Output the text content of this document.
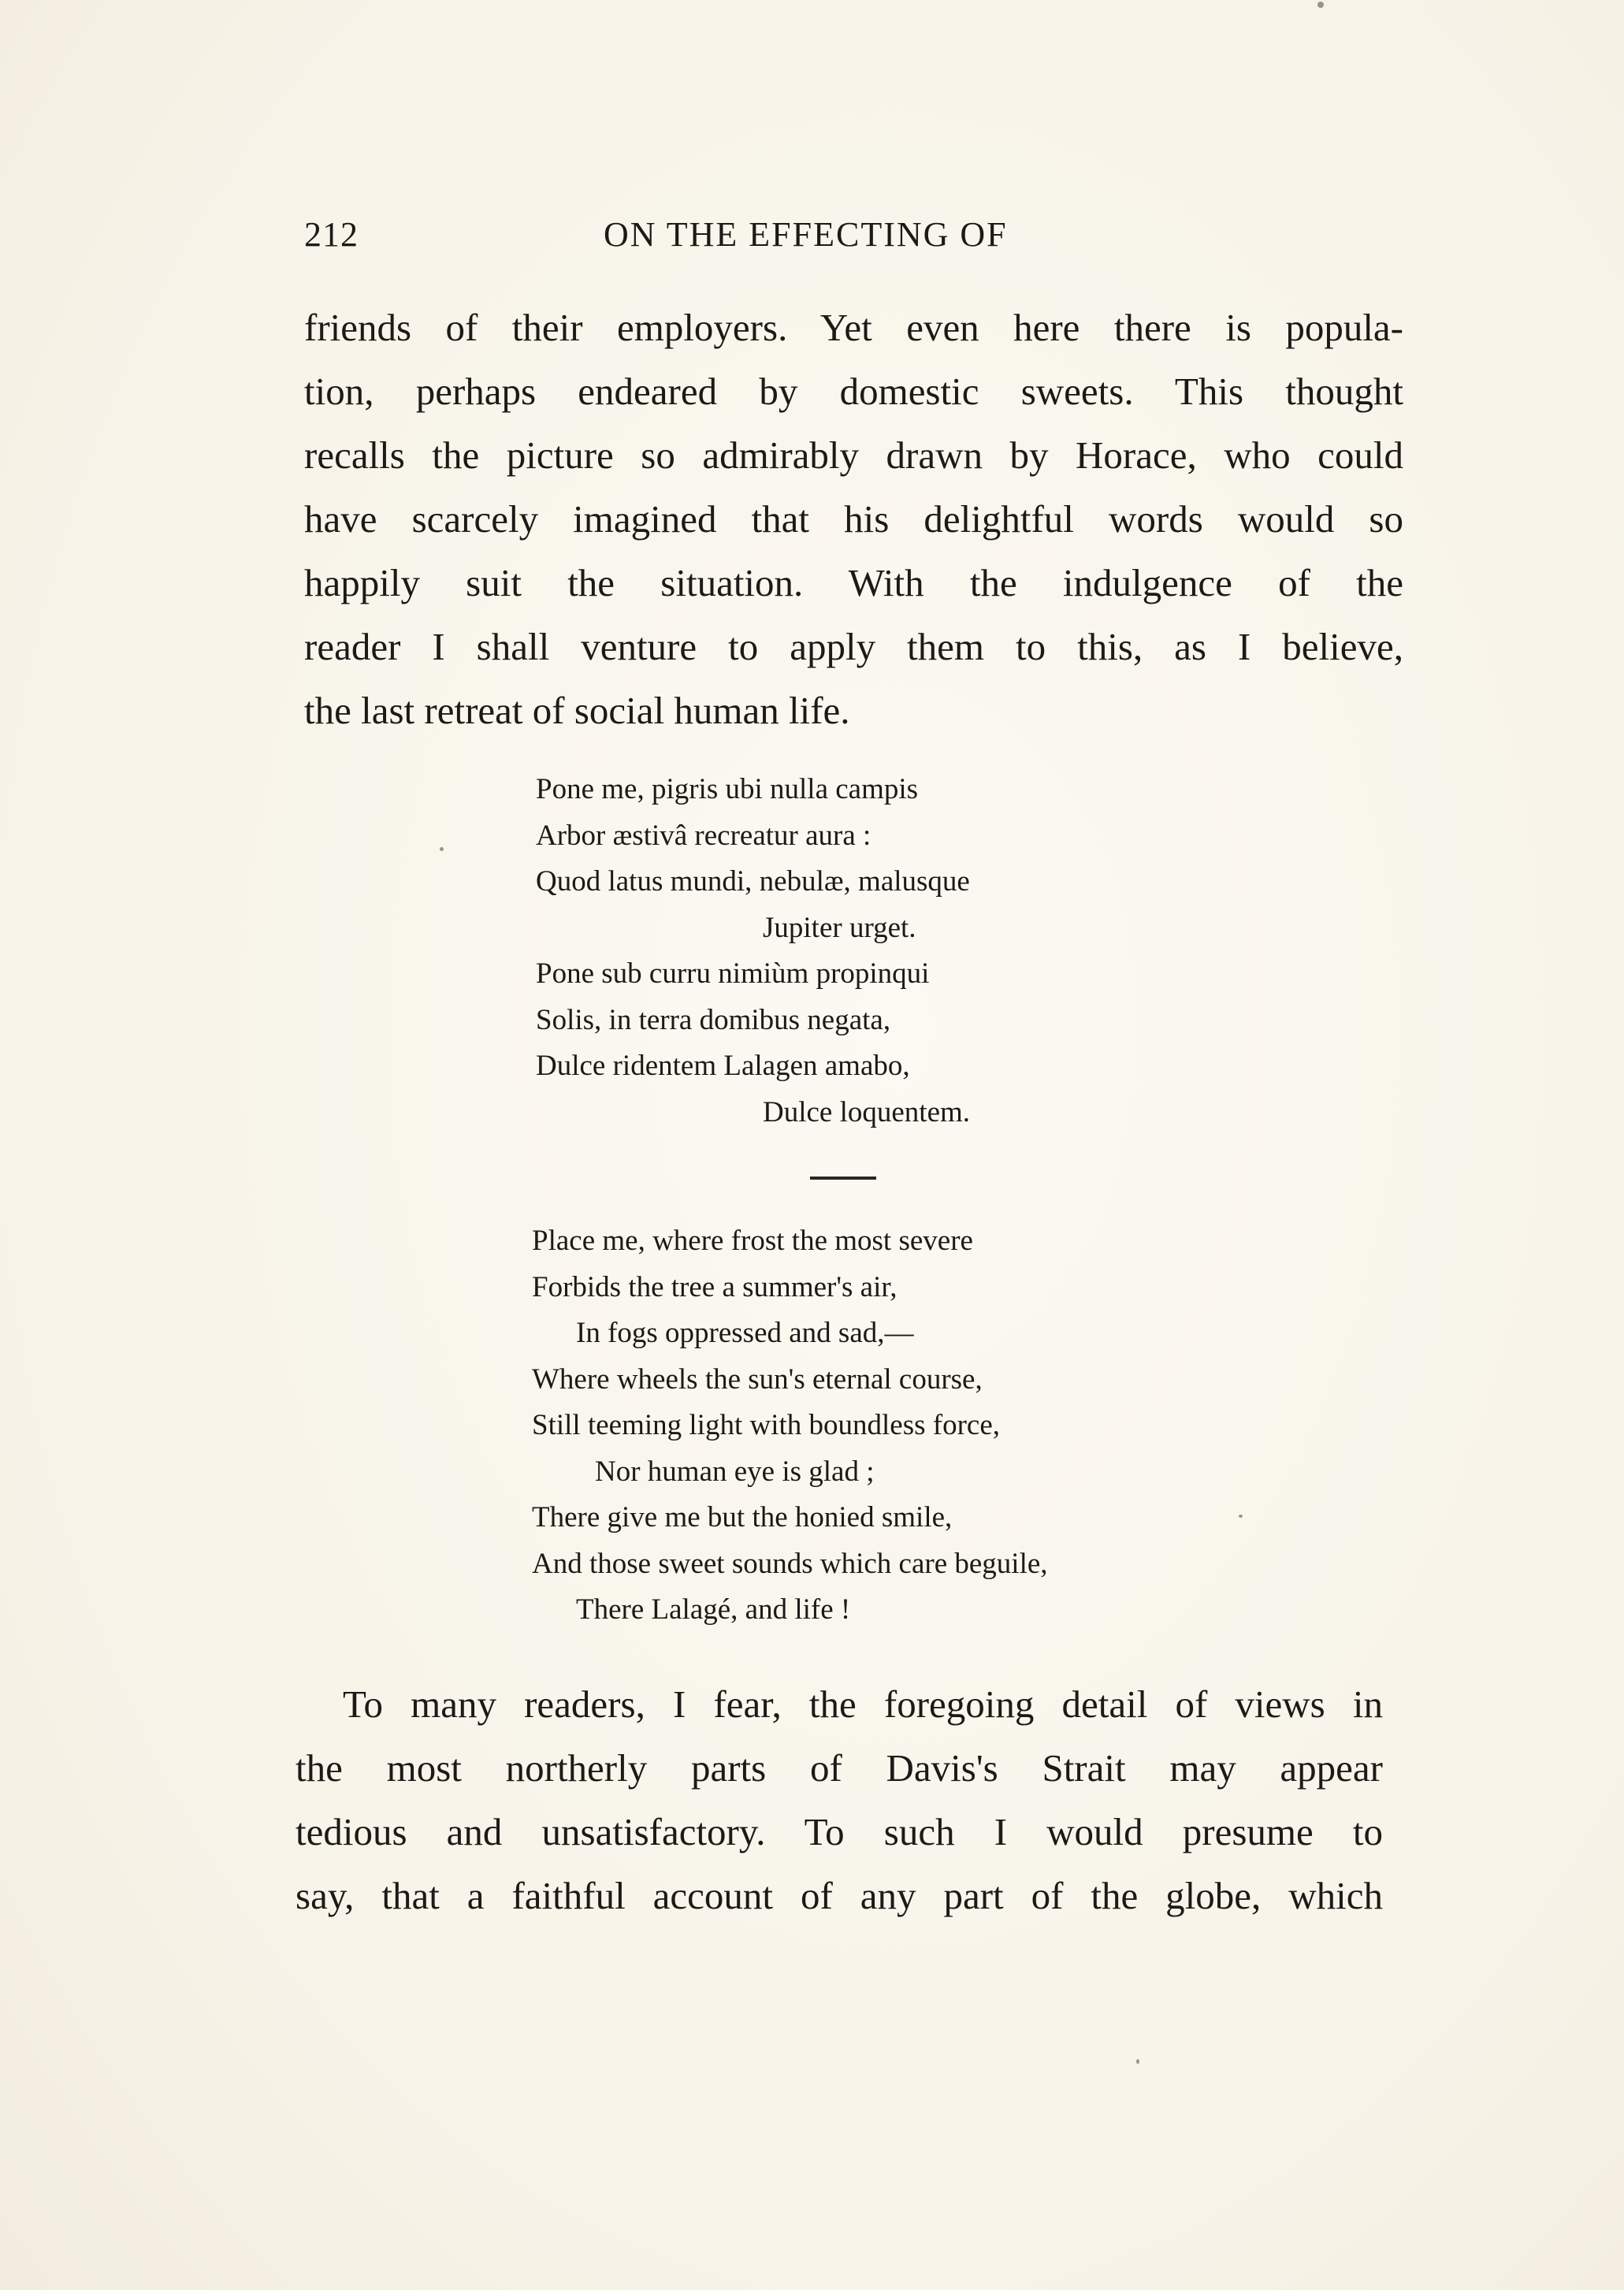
212	ON THE EFFECTING OF
friends of their employers. Yet even here there is popula-
tion, perhaps endeared by domestic sweets. This thought
recalls the picture so admirably drawn by Horace, who could
have scarcely imagined that his delightful words would so
happily suit the situation. With the indulgence of the
reader I shall venture to apply them to this, as I believe,
the last retreat of social human life.
Pone me, pigris ubi nulla campis
Arbor æstivâ recreatur aura :
Quod latus mundi, nebulæ, malusque
Jupiter urget.
Pone sub curru nimiùm propinqui
Solis, in terra domibus negata,
Dulce ridentem Lalagen amabo,
Dulce loquentem.
Place me, where frost the most severe
Forbids the tree a summer's air,
In fogs oppressed and sad,—
Where wheels the sun's eternal course,
Still teeming light with boundless force,
Nor human eye is glad ;
There give me but the honied smile,
And those sweet sounds which care beguile,
There Lalagé, and life !
To many readers, I fear, the foregoing detail of views in
the most northerly parts of Davis's Strait may appear
tedious and unsatisfactory. To such I would presume to
say, that a faithful account of any part of the globe, which
